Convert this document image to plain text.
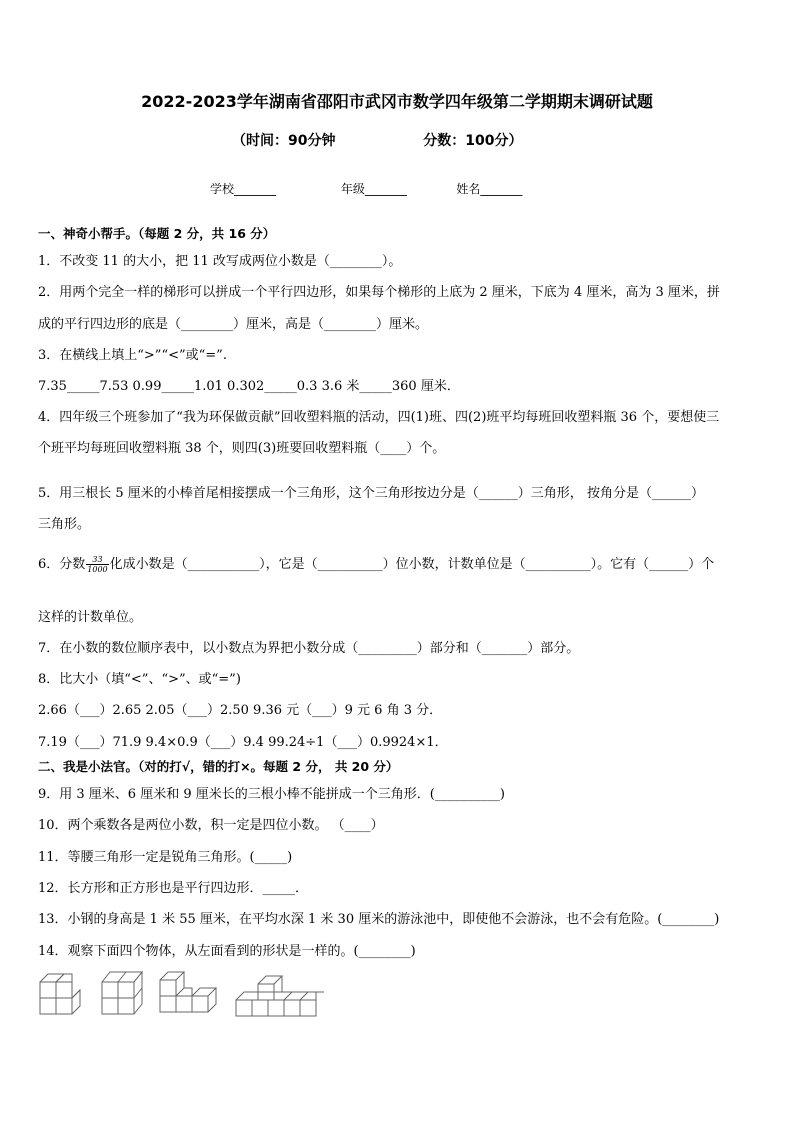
2022-2023学年湖南省邵阳市武冈市数学四年级第二学期期末调研试题
（时间：90分钟                  分数：100分）
学校_______                 年级_______             姓名_______
一、神奇小帮手。（每题 2 分，共 16 分）
1．不改变 11 的大小，把 11 改写成两位小数是（________）。
2．用两个完全一样的梯形可以拼成一个平行四边形，如果每个梯形的上底为 2 厘米，下底为 4 厘米，高为 3 厘米，拼
成的平行四边形的底是（________）厘米，高是（________）厘米。
3．在横线上填上“>”“<”或“=”.
7.35_____7.53 0.99_____1.01 0.302_____0.3 3.6 米_____360 厘米．
4．四年级三个班参加了“我为环保做贡献”回收塑料瓶的活动，四(1)班、四(2)班平均每班回收塑料瓶 36 个，要想使三
个班平均每班回收塑料瓶 38 个，则四(3)班要回收塑料瓶（____）个。
5．用三根长 5 厘米的小棒首尾相接摆成一个三角形，这个三角形按边分是（______）三角形， 按角分是（______）
三角形。
6．分数 $\frac{33}{1000}$ 化成小数是（___________），它是（__________）位小数，计数单位是（__________）。它有（______）个
这样的计数单位。
7．在小数的数位顺序表中，以小数点为界把小数分成（_________）部分和（_______）部分。
8．比大小（填“<”、“>”、或“=”)
2.66（___）2.65 2.05（___）2.50 9.36 元（___）9 元 6 角 3 分．
7.19（___）71.9 9.4×0.9（___）9.4 99.24÷1（___）0.9924×1．
二、我是小法官。（对的打√，错的打×。每题 2 分， 共 20 分）
9．用 3 厘米、6 厘米和 9 厘米长的三根小棒不能拼成一个三角形．(__________)
10．两个乘数各是两位小数，积一定是四位小数。 （____）
11．等腰三角形一定是锐角三角形。(_____)
12．长方形和正方形也是平行四边形．_____．
13．小钢的身高是 1 米 55 厘米，在平均水深 1 米 30 厘米的游泳池中，即使他不会游泳，也不会有危险。(________)
14．观察下面四个物体，从左面看到的形状是一样的。(________)
